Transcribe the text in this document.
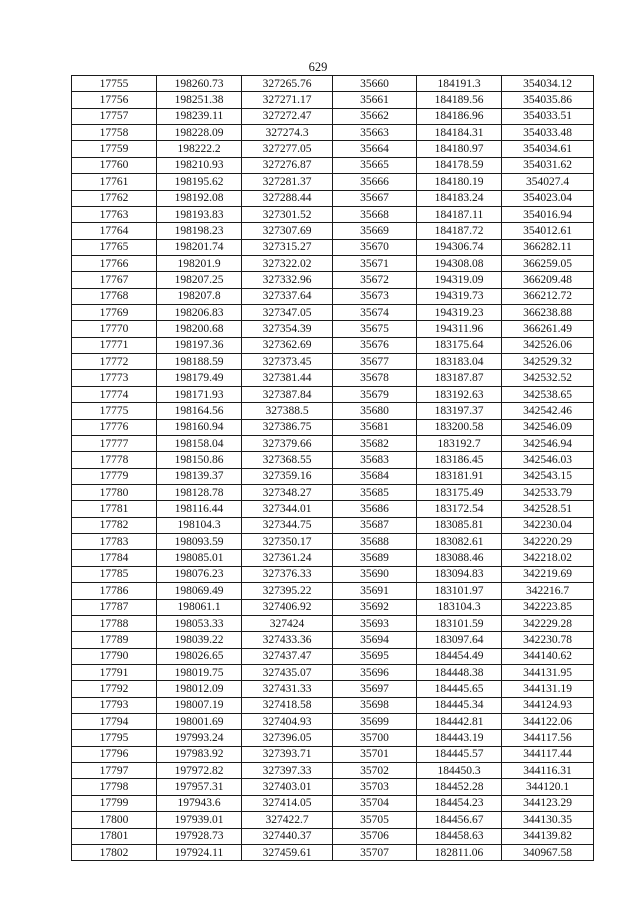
629
17755	198260.73	327265.76	35660	184191.3	354034.12
17756	198251.38	327271.17	35661	184189.56	354035.86
17757	198239.11	327272.47	35662	184186.96	354033.51
17758	198228.09	327274.3	35663	184184.31	354033.48
17759	198222.2	327277.05	35664	184180.97	354034.61
17760	198210.93	327276.87	35665	184178.59	354031.62
17761	198195.62	327281.37	35666	184180.19	354027.4
17762	198192.08	327288.44	35667	184183.24	354023.04
17763	198193.83	327301.52	35668	184187.11	354016.94
17764	198198.23	327307.69	35669	184187.72	354012.61
17765	198201.74	327315.27	35670	194306.74	366282.11
17766	198201.9	327322.02	35671	194308.08	366259.05
17767	198207.25	327332.96	35672	194319.09	366209.48
17768	198207.8	327337.64	35673	194319.73	366212.72
17769	198206.83	327347.05	35674	194319.23	366238.88
17770	198200.68	327354.39	35675	194311.96	366261.49
17771	198197.36	327362.69	35676	183175.64	342526.06
17772	198188.59	327373.45	35677	183183.04	342529.32
17773	198179.49	327381.44	35678	183187.87	342532.52
17774	198171.93	327387.84	35679	183192.63	342538.65
17775	198164.56	327388.5	35680	183197.37	342542.46
17776	198160.94	327386.75	35681	183200.58	342546.09
17777	198158.04	327379.66	35682	183192.7	342546.94
17778	198150.86	327368.55	35683	183186.45	342546.03
17779	198139.37	327359.16	35684	183181.91	342543.15
17780	198128.78	327348.27	35685	183175.49	342533.79
17781	198116.44	327344.01	35686	183172.54	342528.51
17782	198104.3	327344.75	35687	183085.81	342230.04
17783	198093.59	327350.17	35688	183082.61	342220.29
17784	198085.01	327361.24	35689	183088.46	342218.02
17785	198076.23	327376.33	35690	183094.83	342219.69
17786	198069.49	327395.22	35691	183101.97	342216.7
17787	198061.1	327406.92	35692	183104.3	342223.85
17788	198053.33	327424	35693	183101.59	342229.28
17789	198039.22	327433.36	35694	183097.64	342230.78
17790	198026.65	327437.47	35695	184454.49	344140.62
17791	198019.75	327435.07	35696	184448.38	344131.95
17792	198012.09	327431.33	35697	184445.65	344131.19
17793	198007.19	327418.58	35698	184445.34	344124.93
17794	198001.69	327404.93	35699	184442.81	344122.06
17795	197993.24	327396.05	35700	184443.19	344117.56
17796	197983.92	327393.71	35701	184445.57	344117.44
17797	197972.82	327397.33	35702	184450.3	344116.31
17798	197957.31	327403.01	35703	184452.28	344120.1
17799	197943.6	327414.05	35704	184454.23	344123.29
17800	197939.01	327422.7	35705	184456.67	344130.35
17801	197928.73	327440.37	35706	184458.63	344139.82
17802	197924.11	327459.61	35707	182811.06	340967.58
